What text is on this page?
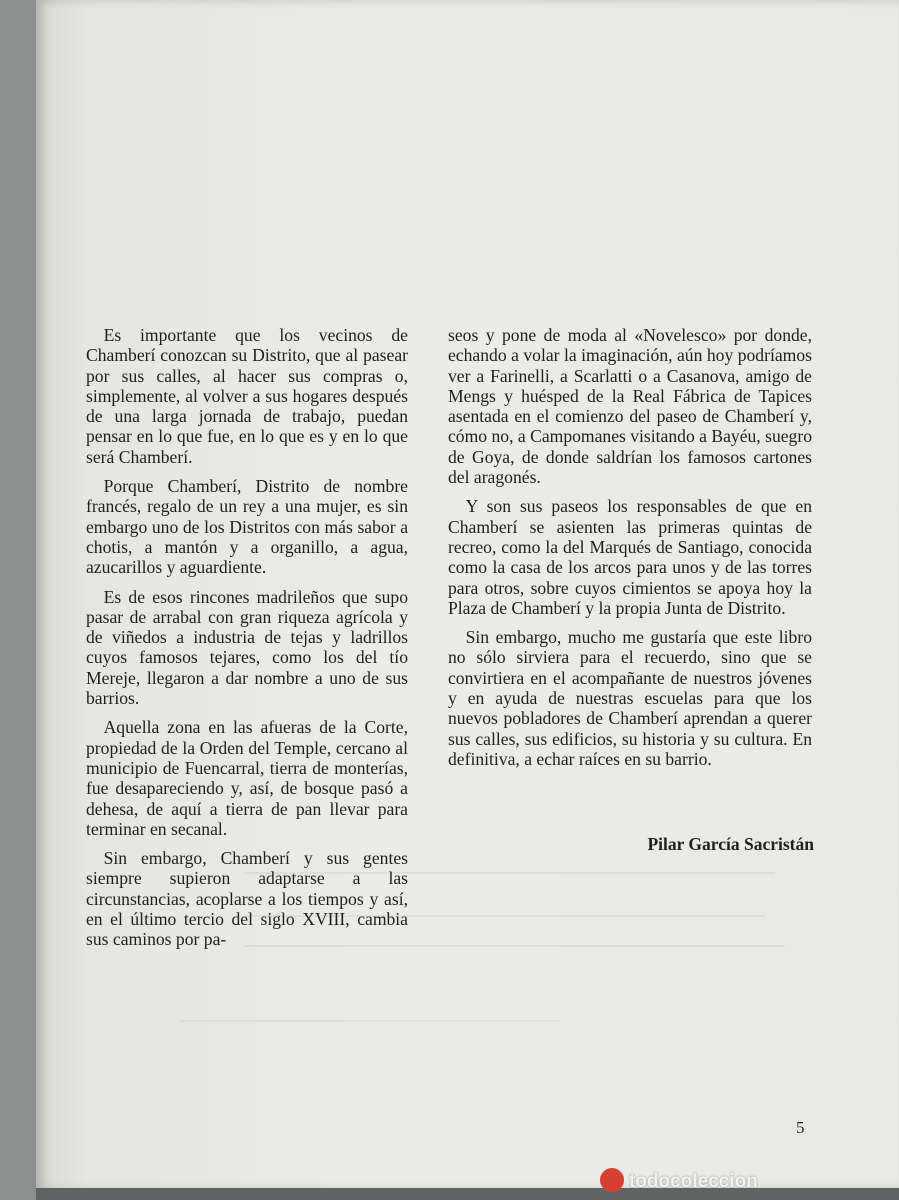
Es importante que los vecinos de Chamberí conozcan su Distrito, que al pasear por sus calles, al hacer sus compras o, simplemente, al volver a sus hogares después de una larga jornada de trabajo, puedan pensar en lo que fue, en lo que es y en lo que será Chamberí.

Porque Chamberí, Distrito de nombre francés, regalo de un rey a una mujer, es sin embargo uno de los Distritos con más sabor a chotis, a mantón y a organillo, a agua, azucarillos y aguardiente.

Es de esos rincones madrileños que supo pasar de arrabal con gran riqueza agrícola y de viñedos a industria de tejas y ladrillos cuyos famosos tejares, como los del tío Mereje, llegaron a dar nombre a uno de sus barrios.

Aquella zona en las afueras de la Corte, propiedad de la Orden del Temple, cercano al municipio de Fuencarral, tierra de monterías, fue desapareciendo y, así, de bosque pasó a dehesa, de aquí a tierra de pan llevar para terminar en secanal.

Sin embargo, Chamberí y sus gentes siempre supieron adaptarse a las circunstancias, acoplarse a los tiempos y así, en el último tercio del siglo XVIII, cambia sus caminos por pa-

seos y pone de moda al «Novelesco» por donde, echando a volar la imaginación, aún hoy podríamos ver a Farinelli, a Scarlatti o a Casanova, amigo de Mengs y huésped de la Real Fábrica de Tapices asentada en el comienzo del paseo de Chamberí y, cómo no, a Campomanes visitando a Bayéu, suegro de Goya, de donde saldrían los famosos cartones del aragonés.

Y son sus paseos los responsables de que en Chamberí se asienten las primeras quintas de recreo, como la del Marqués de Santiago, conocida como la casa de los arcos para unos y de las torres para otros, sobre cuyos cimientos se apoya hoy la Plaza de Chamberí y la propia Junta de Distrito.

Sin embargo, mucho me gustaría que este libro no sólo sirviera para el recuerdo, sino que se convirtiera en el acompañante de nuestros jóvenes y en ayuda de nuestras escuelas para que los nuevos pobladores de Chamberí aprendan a querer sus calles, sus edificios, su historia y su cultura. En definitiva, a echar raíces en su barrio.

Pilar García Sacristán
5
todocoleccion
